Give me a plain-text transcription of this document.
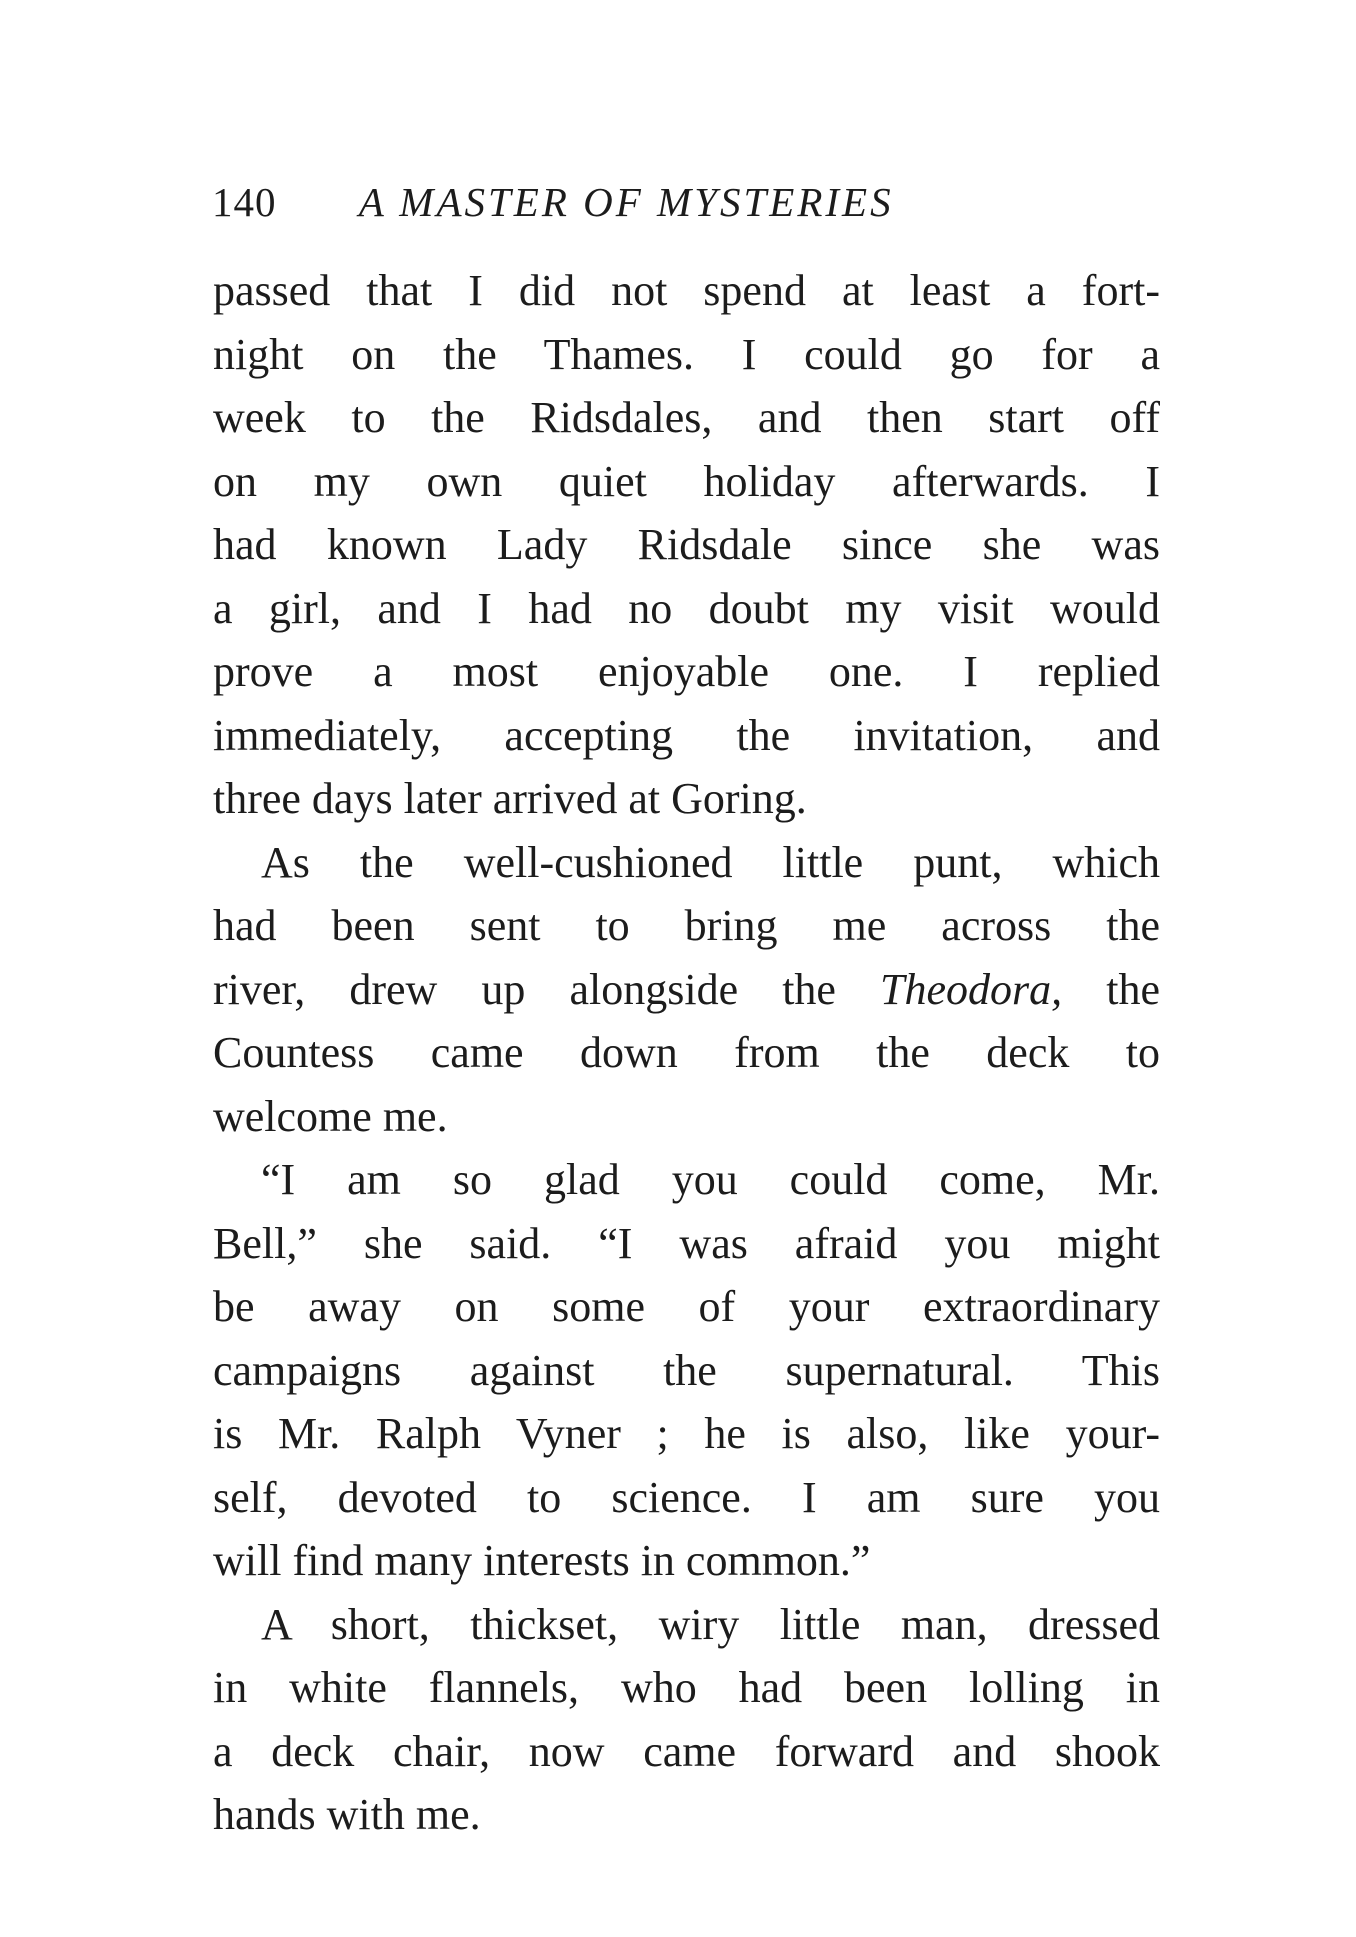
140 A MASTER OF MYSTERIES
passed that I did not spend at least a fort-
night on the Thames. I could go for a
week to the Ridsdales, and then start off
on my own quiet holiday afterwards. I
had known Lady Ridsdale since she was
a girl, and I had no doubt my visit would
prove a most enjoyable one. I replied
immediately, accepting the invitation, and
three days later arrived at Goring.
As the well-cushioned little punt, which
had been sent to bring me across the
river, drew up alongside the Theodora, the
Countess came down from the deck to
welcome me.
“I am so glad you could come, Mr.
Bell,” she said. “I was afraid you might
be away on some of your extraordinary
campaigns against the supernatural. This
is Mr. Ralph Vyner ; he is also, like your-
self, devoted to science. I am sure you
will find many interests in common.”
A short, thickset, wiry little man, dressed
in white flannels, who had been lolling in
a deck chair, now came forward and shook
hands with me.
